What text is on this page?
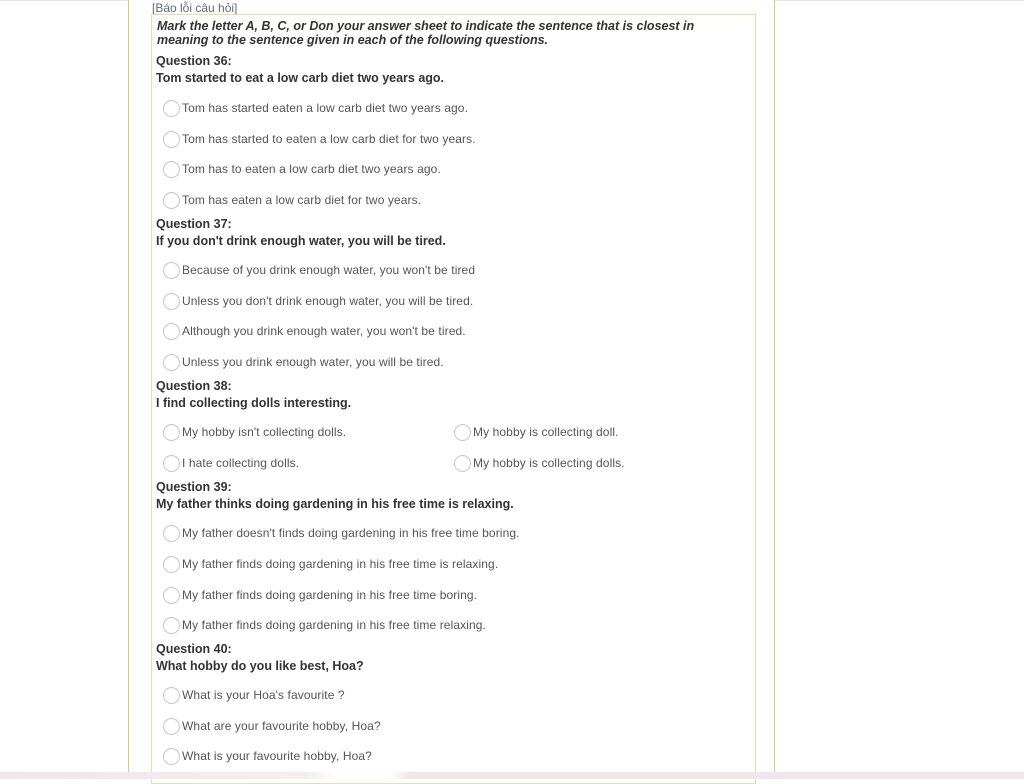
[Báo lỗi câu hỏi]
Mark the letter A, B, C, or Don your answer sheet to indicate the sentence that is closest in meaning to the sentence given in each of the following questions.
Question 36:
Tom started to eat a low carb diet two years ago.
Tom has started eaten a low carb diet two years ago.
Tom has started to eaten a low carb diet for two years.
Tom has to eaten a low carb diet two years ago.
Tom has eaten a low carb diet for two years.
Question 37:
If you don't drink enough water, you will be tired.
Because of you drink enough water, you won't be tired
Unless you don't drink enough water, you will be tired.
Although you drink enough water, you won't be tired.
Unless you drink enough water, you will be tired.
Question 38:
I find collecting dolls interesting.
My hobby isn't collecting dolls.	My hobby is collecting doll.
I hate collecting dolls.	My hobby is collecting dolls.
Question 39:
My father thinks doing gardening in his free time is relaxing.
My father doesn't finds doing gardening in his free time boring.
My father finds doing gardening in his free time is relaxing.
My father finds doing gardening in his free time boring.
My father finds doing gardening in his free time relaxing.
Question 40:
What hobby do you like best, Hoa?
What is your Hoa's favourite ?
What are your favourite hobby, Hoa?
What is your favourite hobby, Hoa?
